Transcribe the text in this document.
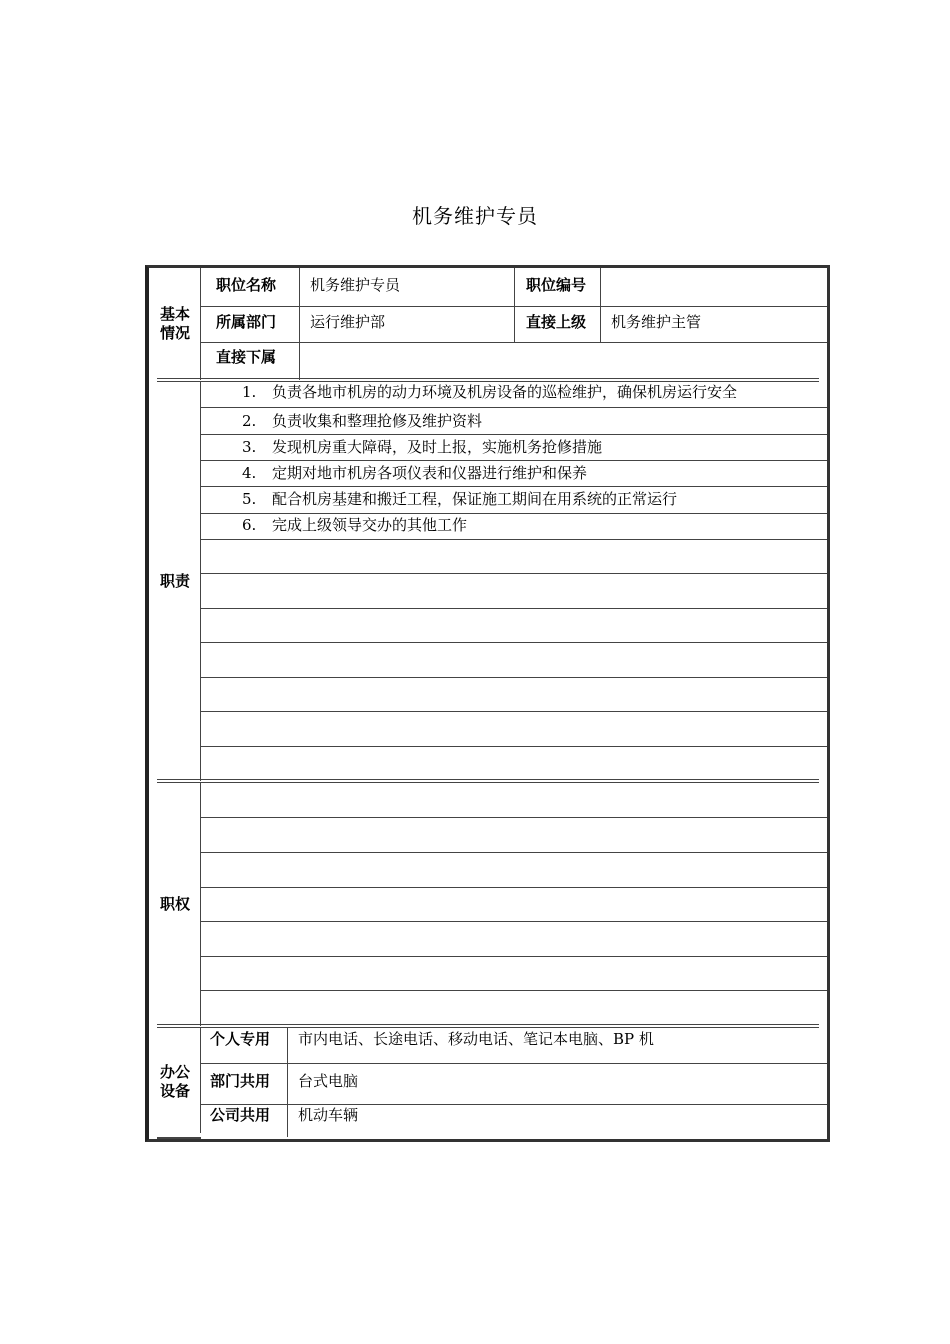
机务维护专员
基本情况
职位名称 机务维护专员	职位编号
所属部门 运行维护部	直接上级 机务维护主管
直接下属
职责
1. 负责各地市机房的动力环境及机房设备的巡检维护，确保机房运行安全
2. 负责收集和整理抢修及维护资料
3. 发现机房重大障碍，及时上报，实施机务抢修措施
4. 定期对地市机房各项仪表和仪器进行维护和保养
5. 配合机房基建和搬迁工程，保证施工期间在用系统的正常运行
6. 完成上级领导交办的其他工作
职权
办公设备
个人专用 市内电话、长途电话、移动电话、笔记本电脑、BP 机
部门共用 台式电脑
公司共用 机动车辆
